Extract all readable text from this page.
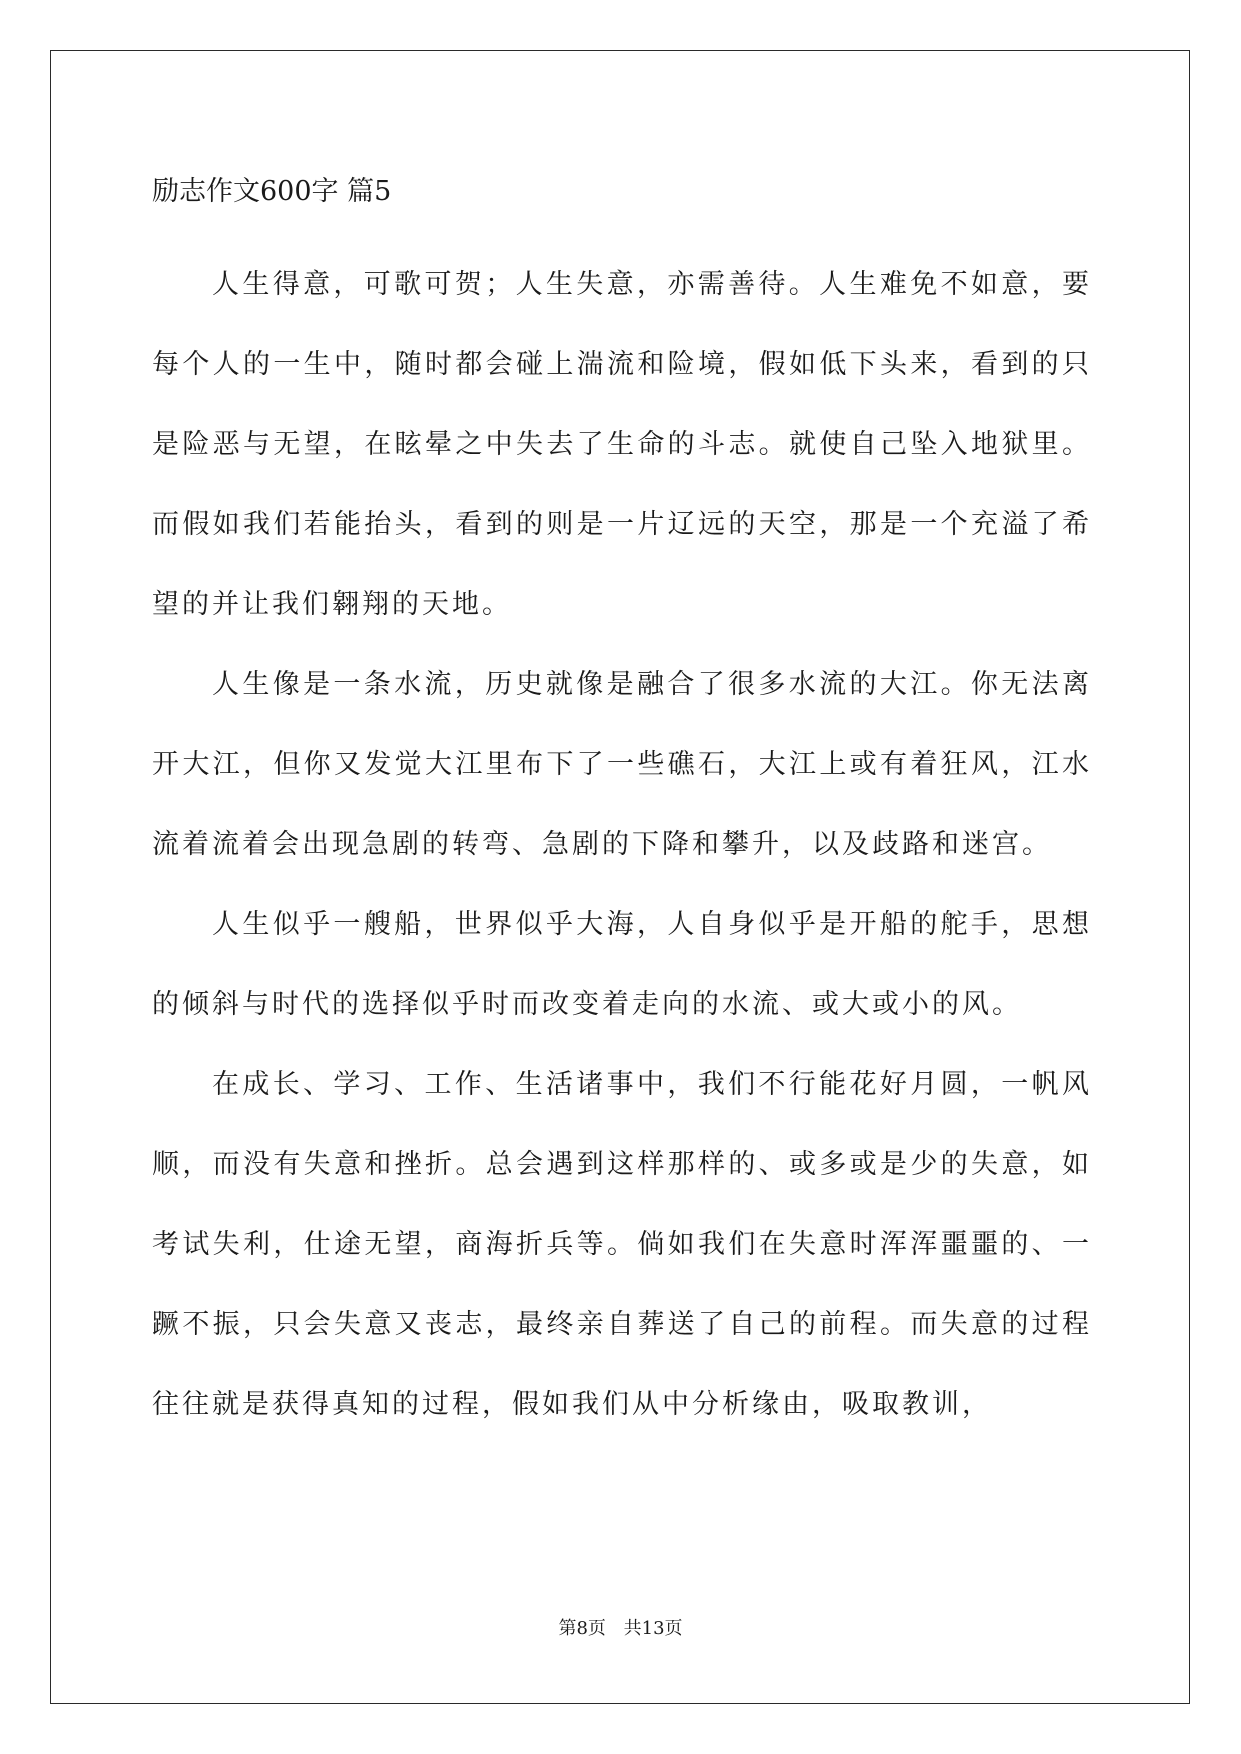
励志作文600字 篇5

人生得意，可歌可贺；人生失意，亦需善待。人生难免不如意，要每个人的一生中，随时都会碰上湍流和险境，假如低下头来，看到的只是险恶与无望，在眩晕之中失去了生命的斗志。就使自己坠入地狱里。而假如我们若能抬头，看到的则是一片辽远的天空，那是一个充溢了希望的并让我们翱翔的天地。

人生像是一条水流，历史就像是融合了很多水流的大江。你无法离开大江，但你又发觉大江里布下了一些礁石，大江上或有着狂风，江水流着流着会出现急剧的转弯、急剧的下降和攀升，以及歧路和迷宫。

人生似乎一艘船，世界似乎大海，人自身似乎是开船的舵手，思想的倾斜与时代的选择似乎时而改变着走向的水流、或大或小的风。

在成长、学习、工作、生活诸事中，我们不行能花好月圆，一帆风顺，而没有失意和挫折。总会遇到这样那样的、或多或是少的失意，如考试失利，仕途无望，商海折兵等。倘如我们在失意时浑浑噩噩的、一蹶不振，只会失意又丧志，最终亲自葬送了自己的前程。而失意的过程往往就是获得真知的过程，假如我们从中分析缘由，吸取教训，

第8页 共13页
